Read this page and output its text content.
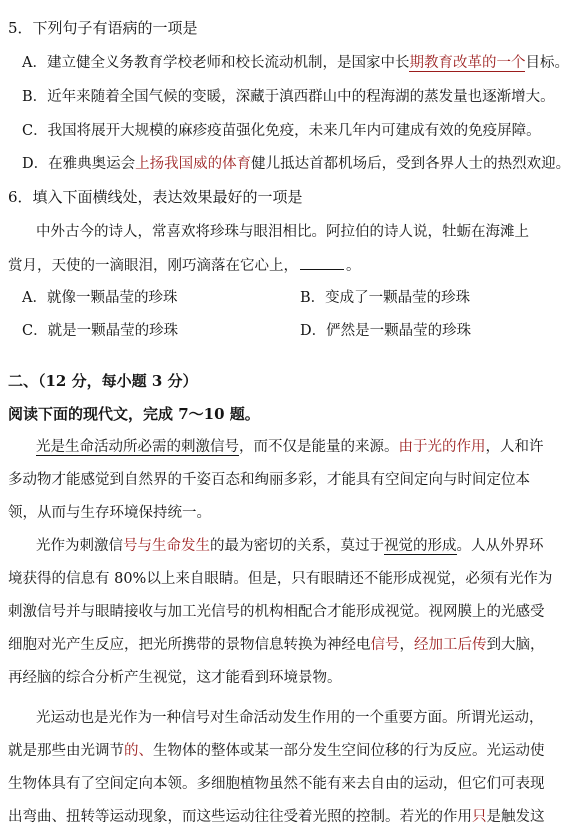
5．下列句子有语病的一项是
A．建立健全义务教育学校老师和校长流动机制，是国家中长期教育改革的一个目标。
B．近年来随着全国气候的变暖，深藏于滇西群山中的程海湖的蒸发量也逐渐增大。
C．我国将展开大规模的麻疹疫苗强化免疫，未来几年内可建成有效的免疫屏障。
D．在雅典奥运会上扬我国威的体育健儿抵达首都机场后，受到各界人士的热烈欢迎。
6．填入下面横线处，表达效果最好的一项是
中外古今的诗人，常喜欢将珍珠与眼泪相比。阿拉伯的诗人说，牡蛎在海滩上
赏月，天使的一滴眼泪，刚巧滴落在它心上，	。
A．就像一颗晶莹的珍珠	B．变成了一颗晶莹的珍珠
C．就是一颗晶莹的珍珠	D．俨然是一颗晶莹的珍珠
二、（12 分，每小题 3 分）
阅读下面的现代文，完成 7～10 题。
光是生命活动所必需的刺激信号，而不仅是能量的来源。由于光的作用，人和许
多动物才能感觉到自然界的千姿百态和绚丽多彩，才能具有空间定向与时间定位本
领，从而与生存环境保持统一。
光作为刺激信号与生命发生的最为密切的关系，莫过于视觉的形成。人从外界环
境获得的信息有 80%以上来自眼睛。但是，只有眼睛还不能形成视觉，必须有光作为
刺激信号并与眼睛接收与加工光信号的机构相配合才能形成视觉。视网膜上的光感受
细胞对光产生反应，把光所携带的景物信息转换为神经电信号，经加工后传到大脑，
再经脑的综合分析产生视觉，这才能看到环境景物。
光运动也是光作为一种信号对生命活动发生作用的一个重要方面。所谓光运动，
就是那些由光调节的、生物体的整体或某一部分发生空间位移的行为反应。光运动使
生物体具有了空间定向本领。多细胞植物虽然不能有来去自由的运动，但它们可表现
出弯曲、扭转等运动现象，而这些运动往往受着光照的控制。若光的作用只是触发这
